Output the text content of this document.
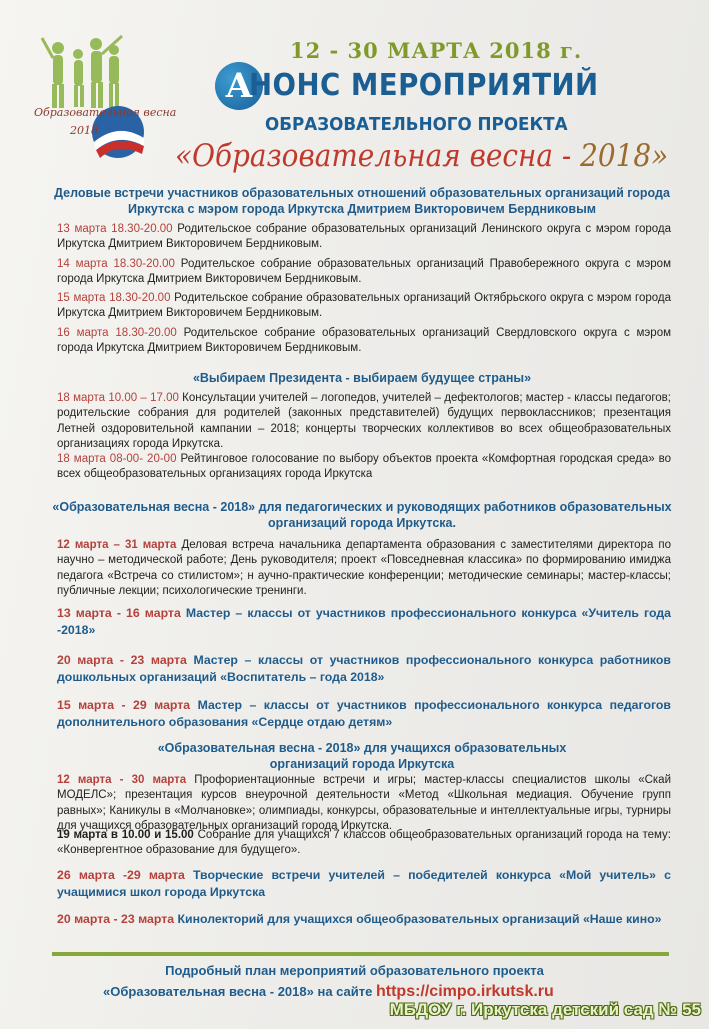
Образовательная весна
2018
12 - 30 МАРТА 2018 г.
А
НОНС МЕРОПРИЯТИЙ
ОБРАЗОВАТЕЛЬНОГО ПРОЕКТА
«Образовательная весна - 2018»
Деловые встречи участников образовательных отношений образовательных организаций города Иркутска с мэром города Иркутска Дмитрием Викторовичем Бердниковым
13 марта 18.30-20.00 Родительское собрание образовательных организаций Ленинского округа с мэром города Иркутска Дмитрием Викторовичем Бердниковым.
14 марта 18.30-20.00 Родительское собрание образовательных организаций Правобережного округа с мэром города Иркутска Дмитрием Викторовичем Бердниковым.
15 марта 18.30-20.00 Родительское собрание образовательных организаций Октябрьского округа с мэром города Иркутска Дмитрием Викторовичем Бердниковым.
16 марта 18.30-20.00 Родительское собрание образовательных организаций Свердловского округа с мэром города Иркутска Дмитрием Викторовичем Бердниковым.
«Выбираем Президента - выбираем будущее страны»
18 марта 10.00 – 17.00 Консультации учителей – логопедов, учителей – дефектологов; мастер - классы педагогов; родительские собрания для родителей (законных представителей) будущих первоклассников; презентация Летней оздоровительной кампании – 2018; концерты творческих коллективов во всех общеобразовательных организациях города Иркутска.
18 марта 08-00- 20-00 Рейтинговое голосование по выбору объектов проекта «Комфортная городская среда» во всех общеобразовательных организациях города Иркутска
«Образовательная весна - 2018» для педагогических и руководящих работников образовательных организаций города Иркутска.
12 марта – 31 марта Деловая встреча начальника департамента образования с заместителями директора по научно – методической работе; День руководителя; проект «Повседневная классика» по формированию имиджа педагога «Встреча со стилистом»; н аучно-практические конференции; методические семинары; мастер-классы; публичные лекции; психологические тренинги.
13 марта - 16 марта Мастер – классы от участников профессионального конкурса «Учитель года -2018»
20 марта - 23 марта Мастер – классы от участников профессионального конкурса работников дошкольных организаций «Воспитатель – года 2018»
15 марта - 29 марта Мастер – классы от участников профессионального конкурса педагогов дополнительного образования «Сердце отдаю детям»
«Образовательная весна - 2018» для учащихся образовательных
организаций города Иркутска
12 марта - 30 марта Профориентационные встречи и игры; мастер-классы специалистов школы «Скай МОДЕЛС»; презентация курсов внеурочной деятельности «Метод «Школьная медиация. Обучение групп равных»; Каникулы в «Молчановке»; олимпиады, конкурсы, образовательные и интеллектуальные игры, турниры для учащихся образовательных организаций города Иркутска.
19 марта в 10.00 и 15.00 Собрание для учащихся 7 классов общеобразовательных организаций города на тему: «Конвергентное образование для будущего».
26 марта -29 марта Творческие встречи учителей – победителей конкурса «Мой учитель» с учащимися школ города Иркутска
20 марта - 23 марта Кинолекторий для учащихся общеобразовательных организаций «Наше кино»
Подробный план мероприятий образовательного проекта
«Образовательная весна - 2018» на сайте https://cimpo.irkutsk.ru
МБДОУ г. Иркутска детский сад № 55
